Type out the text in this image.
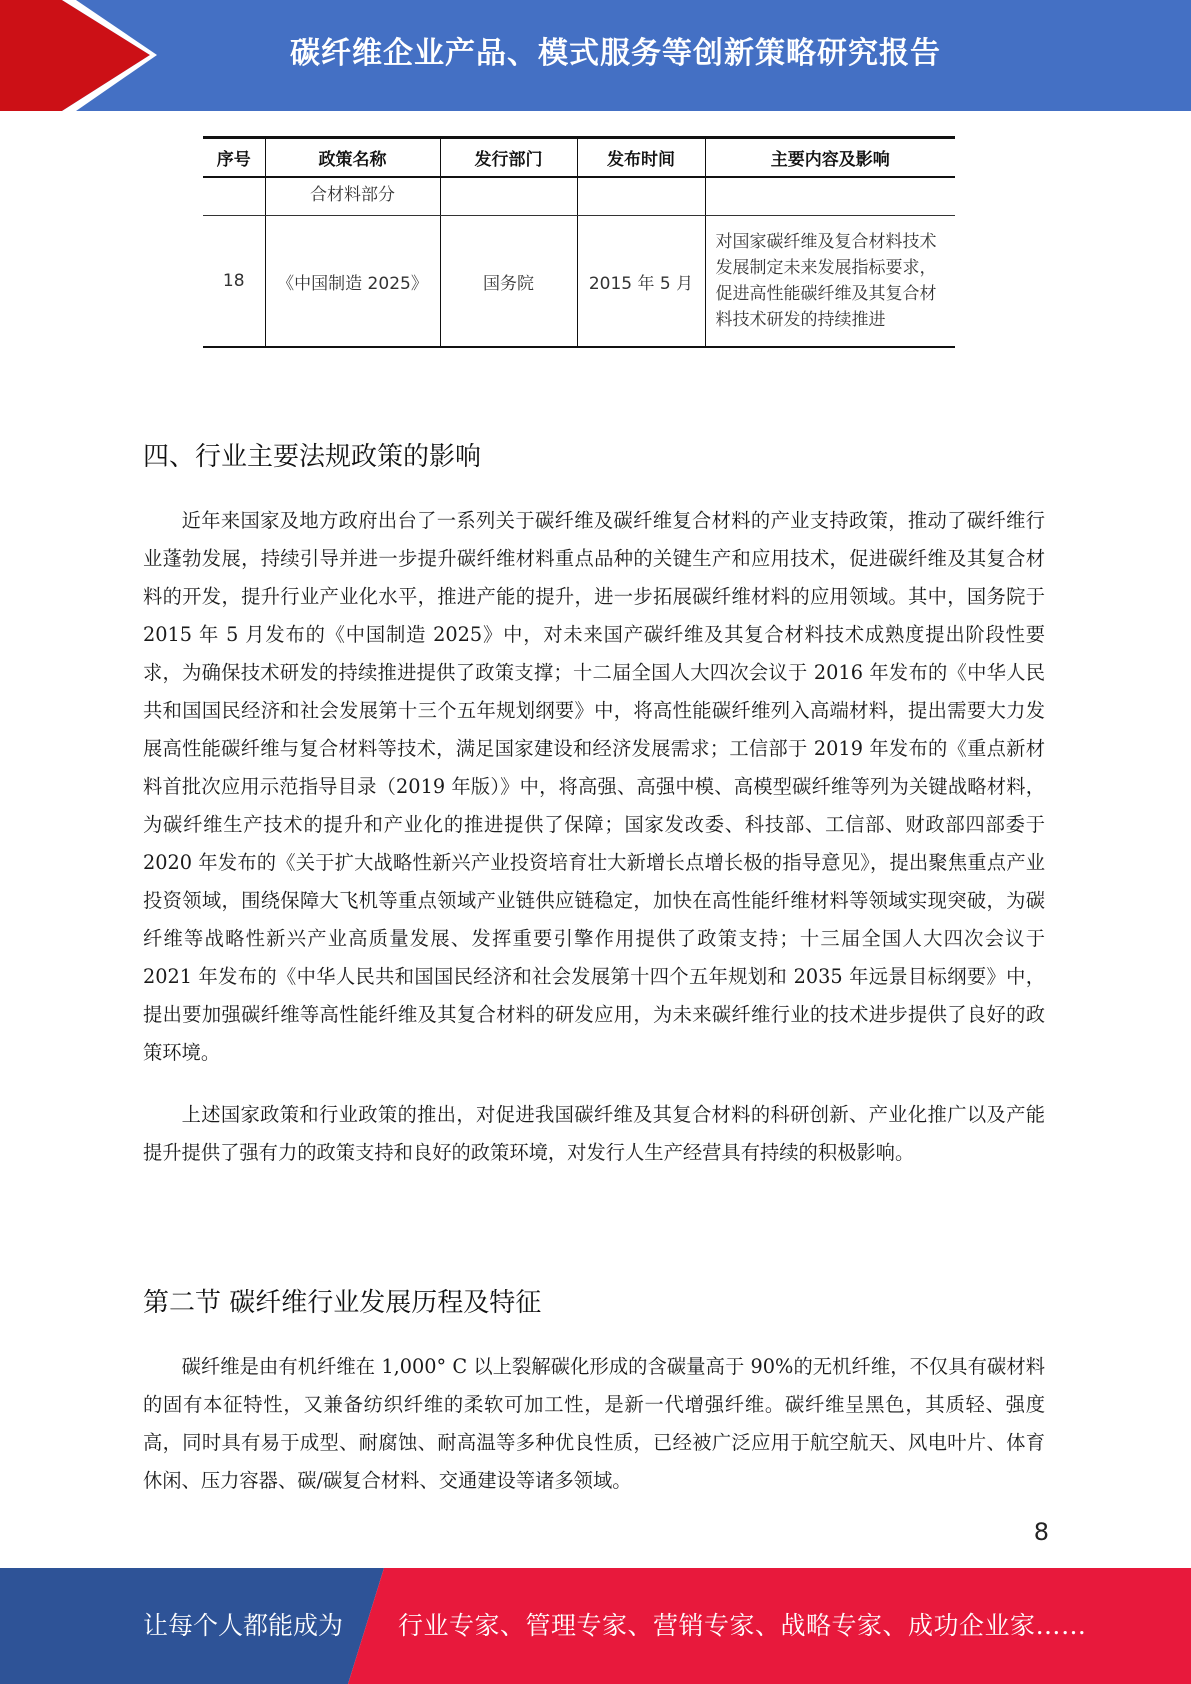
碳纤维企业产品、模式服务等创新策略研究报告
序号	政策名称	发行部门	发布时间	主要内容及影响
	合材料部分			
18	《中国制造 2025》	国务院	2015 年 5 月	对国家碳纤维及复合材料技术发展制定未来发展指标要求，促进高性能碳纤维及其复合材料技术研发的持续推进
四、行业主要法规政策的影响

近年来国家及地方政府出台了一系列关于碳纤维及碳纤维复合材料的产业支持政策，推动了碳纤维行业蓬勃发展，持续引导并进一步提升碳纤维材料重点品种的关键生产和应用技术，促进碳纤维及其复合材料的开发，提升行业产业化水平，推进产能的提升，进一步拓展碳纤维材料的应用领域。其中，国务院于 2015 年 5 月发布的《中国制造 2025》中，对未来国产碳纤维及其复合材料技术成熟度提出阶段性要求，为确保技术研发的持续推进提供了政策支撑；十二届全国人大四次会议于 2016 年发布的《中华人民共和国国民经济和社会发展第十三个五年规划纲要》中，将高性能碳纤维列入高端材料，提出需要大力发展高性能碳纤维与复合材料等技术，满足国家建设和经济发展需求；工信部于 2019 年发布的《重点新材料首批次应用示范指导目录（2019 年版）》中，将高强、高强中模、高模型碳纤维等列为关键战略材料，为碳纤维生产技术的提升和产业化的推进提供了保障；国家发改委、科技部、工信部、财政部四部委于 2020 年发布的《关于扩大战略性新兴产业投资培育壮大新增长点增长极的指导意见》，提出聚焦重点产业投资领域，围绕保障大飞机等重点领域产业链供应链稳定，加快在高性能纤维材料等领域实现突破，为碳纤维等战略性新兴产业高质量发展、发挥重要引擎作用提供了政策支持；十三届全国人大四次会议于 2021 年发布的《中华人民共和国国民经济和社会发展第十四个五年规划和 2035 年远景目标纲要》中，提出要加强碳纤维等高性能纤维及其复合材料的研发应用，为未来碳纤维行业的技术进步提供了良好的政策环境。

上述国家政策和行业政策的推出，对促进我国碳纤维及其复合材料的科研创新、产业化推广以及产能提升提供了强有力的政策支持和良好的政策环境，对发行人生产经营具有持续的积极影响。

第二节 碳纤维行业发展历程及特征

碳纤维是由有机纤维在 1,000° C 以上裂解碳化形成的含碳量高于 90%的无机纤维，不仅具有碳材料的固有本征特性，又兼备纺织纤维的柔软可加工性，是新一代增强纤维。碳纤维呈黑色，其质轻、强度高，同时具有易于成型、耐腐蚀、耐高温等多种优良性质，已经被广泛应用于航空航天、风电叶片、体育休闲、压力容器、碳/碳复合材料、交通建设等诸多领域。

8
让每个人都能成为 行业专家、管理专家、营销专家、战略专家、成功企业家……
